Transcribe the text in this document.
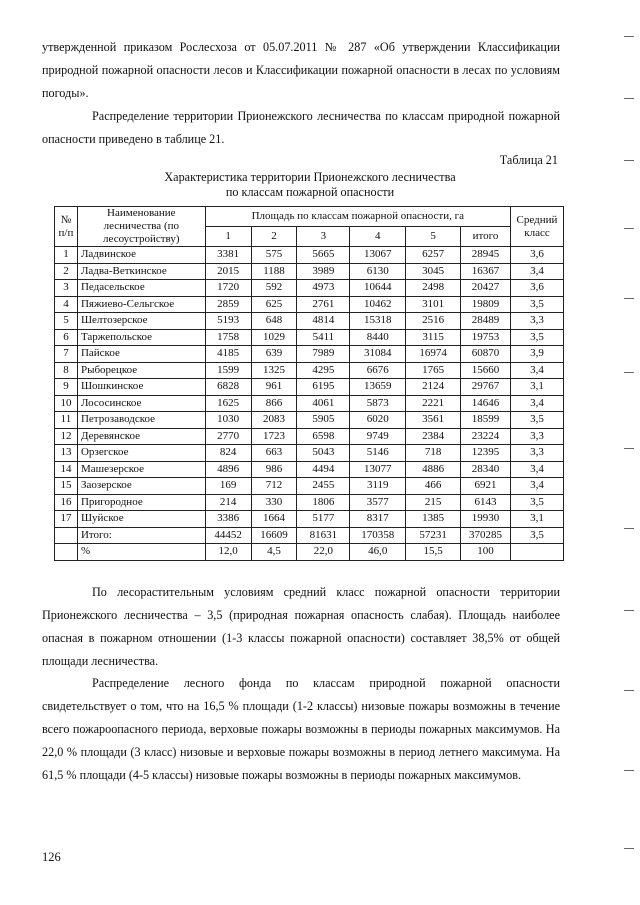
утвержденной приказом Рослесхоза от 05.07.2011 № 287 «Об утверждении Классификации природной пожарной опасности лесов и Классификации пожарной опасности в лесах по условиям погоды».
Распределение территории Прионежского лесничества по классам природной пожарной опасности приведено в таблице 21.
Таблица 21
Характеристика территории Прионежского лесничества
по классам пожарной опасности
№ п/п	Наименование лесничества (по лесоустройству)	Площадь по классам пожарной опасности, га						Средний класс
		1	2	3	4	5	итого	
1	Ладвинское	3381	575	5665	13067	6257	28945	3,6
2	Ладва-Веткинское	2015	1188	3989	6130	3045	16367	3,4
3	Педасельское	1720	592	4973	10644	2498	20427	3,6
4	Пяжиево-Сельгское	2859	625	2761	10462	3101	19809	3,5
5	Шелтозерское	5193	648	4814	15318	2516	28489	3,3
6	Таржепольское	1758	1029	5411	8440	3115	19753	3,5
7	Пайское	4185	639	7989	31084	16974	60870	3,9
8	Рыборецкое	1599	1325	4295	6676	1765	15660	3,4
9	Шошкинское	6828	961	6195	13659	2124	29767	3,1
10	Лососинское	1625	866	4061	5873	2221	14646	3,4
11	Петрозаводское	1030	2083	5905	6020	3561	18599	3,5
12	Деревянское	2770	1723	6598	9749	2384	23224	3,3
13	Орзегское	824	663	5043	5146	718	12395	3,3
14	Машезерское	4896	986	4494	13077	4886	28340	3,4
15	Заозерское	169	712	2455	3119	466	6921	3,4
16	Пригородное	214	330	1806	3577	215	6143	3,5
17	Шуйское	3386	1664	5177	8317	1385	19930	3,1
	Итого:	44452	16609	81631	170358	57231	370285	3,5
	%	12,0	4,5	22,0	46,0	15,5	100	
По лесорастительным условиям средний класс пожарной опасности территории Прионежского лесничества – 3,5 (природная пожарная опасность слабая). Площадь наиболее опасная в пожарном отношении (1-3 классы пожарной опасности) составляет 38,5% от общей площади лесничества.
Распределение лесного фонда по классам природной пожарной опасности свидетельствует о том, что на 16,5 % площади (1-2 классы) низовые пожары возможны в течение всего пожароопасного периода, верховые пожары возможны в периоды пожарных максимумов. На 22,0 % площади (3 класс) низовые и верховые пожары возможны в период летнего максимума. На 61,5 % площади (4-5 классы) низовые пожары возможны в периоды пожарных максимумов.
126
